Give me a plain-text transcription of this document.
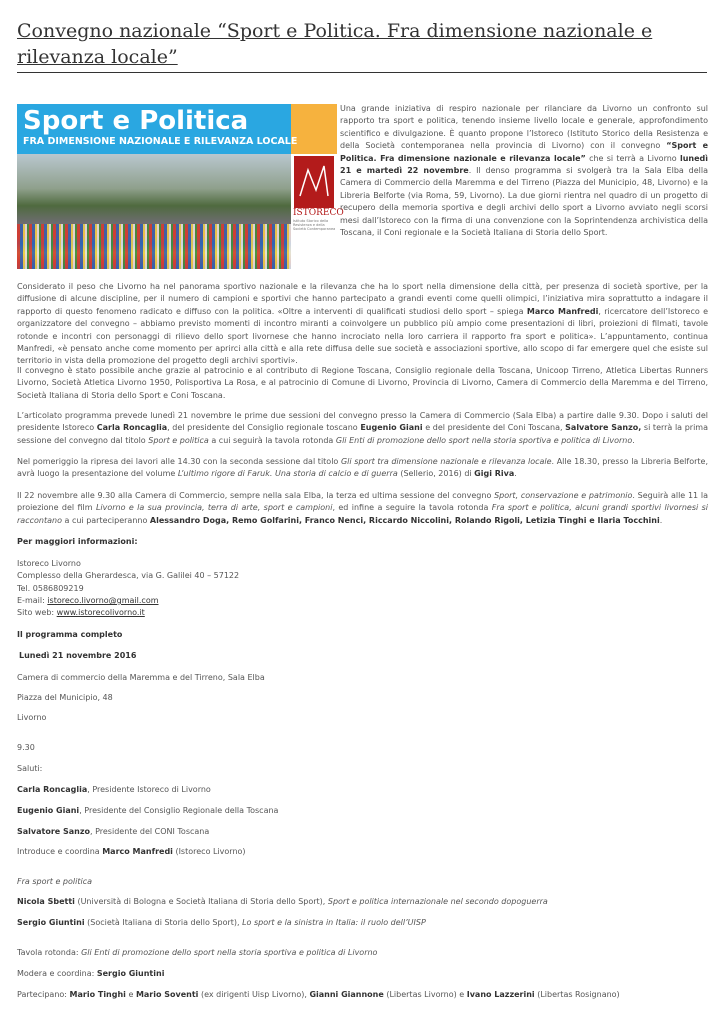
Convegno nazionale “Sport e Politica. Fra dimensione nazionale e rilevanza locale”
Sport e Politica
FRA DIMENSIONE NAZIONALE E RILEVANZA LOCALE
ISTORECO
Istituto Storico della Resistenza e della Società Contemporanea

Una grande iniziativa di respiro nazionale per rilanciare da Livorno un confronto sul rapporto tra sport e politica, tenendo insieme livello locale e generale, approfondimento scientifico e divulgazione. È quanto propone l’Istoreco (Istituto Storico della Resistenza e della Società contemporanea nella provincia di Livorno) con il convegno “Sport e Politica. Fra dimensione nazionale e rilevanza locale” che si terrà a Livorno lunedì 21 e martedì 22 novembre. Il denso programma si svolgerà tra la Sala Elba della Camera di Commercio della Maremma e del Tirreno (Piazza del Municipio, 48, Livorno) e la Libreria Belforte (via Roma, 59, Livorno). La due giorni rientra nel quadro di un progetto di recupero della memoria sportiva e degli archivi dello sport a Livorno avviato negli scorsi mesi dall’Istoreco con la firma di una convenzione con la Soprintendenza archivistica della Toscana, il Coni regionale e la Società Italiana di Storia dello Sport.

Considerato il peso che Livorno ha nel panorama sportivo nazionale e la rilevanza che ha lo sport nella dimensione della città, per presenza di società sportive, per la diffusione di alcune discipline, per il numero di campioni e sportivi che hanno partecipato a grandi eventi come quelli olimpici, l’iniziativa mira soprattutto a indagare il rapporto di questo fenomeno radicato e diffuso con la politica. «Oltre a interventi di qualificati studiosi dello sport – spiega Marco Manfredi, ricercatore dell’Istoreco e organizzatore del convegno – abbiamo previsto momenti di incontro miranti a coinvolgere un pubblico più ampio come presentazioni di libri, proiezioni di filmati, tavole rotonde e incontri con personaggi di rilievo dello sport livornese che hanno incrociato nella loro carriera il rapporto fra sport e politica». L’appuntamento, continua Manfredi, «è pensato anche come momento per aprirci alla città e alla rete diffusa delle sue società e associazioni sportive, allo scopo di far emergere quel che esiste sul territorio in vista della promozione del progetto degli archivi sportivi».

Il convegno è stato possibile anche grazie al patrocinio e al contributo di Regione Toscana, Consiglio regionale della Toscana, Unicoop Tirreno, Atletica Libertas Runners Livorno, Società Atletica Livorno 1950, Polisportiva La Rosa, e al patrocinio di Comune di Livorno, Provincia di Livorno, Camera di Commercio della Maremma e del Tirreno, Società Italiana di Storia dello Sport e Coni Toscana.

L’articolato programma prevede lunedì 21 novembre le prime due sessioni del convegno presso la Camera di Commercio (Sala Elba) a partire dalle 9.30. Dopo i saluti del presidente Istoreco Carla Roncaglia, del presidente del Consiglio regionale toscano Eugenio Giani e del presidente del Coni Toscana, Salvatore Sanzo, si terrà la prima sessione del convegno dal titolo Sport e politica a cui seguirà la tavola rotonda Gli Enti di promozione dello sport nella storia sportiva e politica di Livorno.

Nel pomeriggio la ripresa dei lavori alle 14.30 con la seconda sessione dal titolo Gli sport tra dimensione nazionale e rilevanza locale. Alle 18.30, presso la Libreria Belforte, avrà luogo la presentazione del volume L’ultimo rigore di Faruk. Una storia di calcio e di guerra (Sellerio, 2016) di Gigi Riva.

Il 22 novembre alle 9.30 alla Camera di Commercio, sempre nella sala Elba, la terza ed ultima sessione del convegno Sport, conservazione e patrimonio. Seguirà alle 11 la proiezione del film Livorno e la sua provincia, terra di arte, sport e campioni, ed infine a seguire la tavola rotonda Fra sport e politica, alcuni grandi sportivi livornesi si raccontano a cui parteciperanno Alessandro Doga, Remo Golfarini, Franco Nenci, Riccardo Niccolini, Rolando Rigoli, Letizia Tinghi e Ilaria Tocchini.

Per maggiori informazioni:

Istoreco Livorno

Complesso della Gherardesca, via G. Galilei 40 – 57122

Tel. 0586809219

E-mail: istoreco.livorno@gmail.com

Sito web: www.istorecolivorno.it

Il programma completo

Lunedì 21 novembre 2016

Camera di commercio della Maremma e del Tirreno, Sala Elba

Piazza del Municipio, 48

Livorno

9.30

Saluti:

Carla Roncaglia, Presidente Istoreco di Livorno

Eugenio Giani, Presidente del Consiglio Regionale della Toscana

Salvatore Sanzo, Presidente del CONI Toscana

Introduce e coordina Marco Manfredi (Istoreco Livorno)

Fra sport e politica

Nicola Sbetti (Università di Bologna e Società Italiana di Storia dello Sport), Sport e politica internazionale nel secondo dopoguerra

Sergio Giuntini (Società Italiana di Storia dello Sport), Lo sport e la sinistra in Italia: il ruolo dell’UISP

Tavola rotonda: Gli Enti di promozione dello sport nella storia sportiva e politica di Livorno

Modera e coordina: Sergio Giuntini

Partecipano: Mario Tinghi e Mario Soventi (ex dirigenti Uisp Livorno), Gianni Giannone (Libertas Livorno) e Ivano Lazzerini (Libertas Rosignano)
